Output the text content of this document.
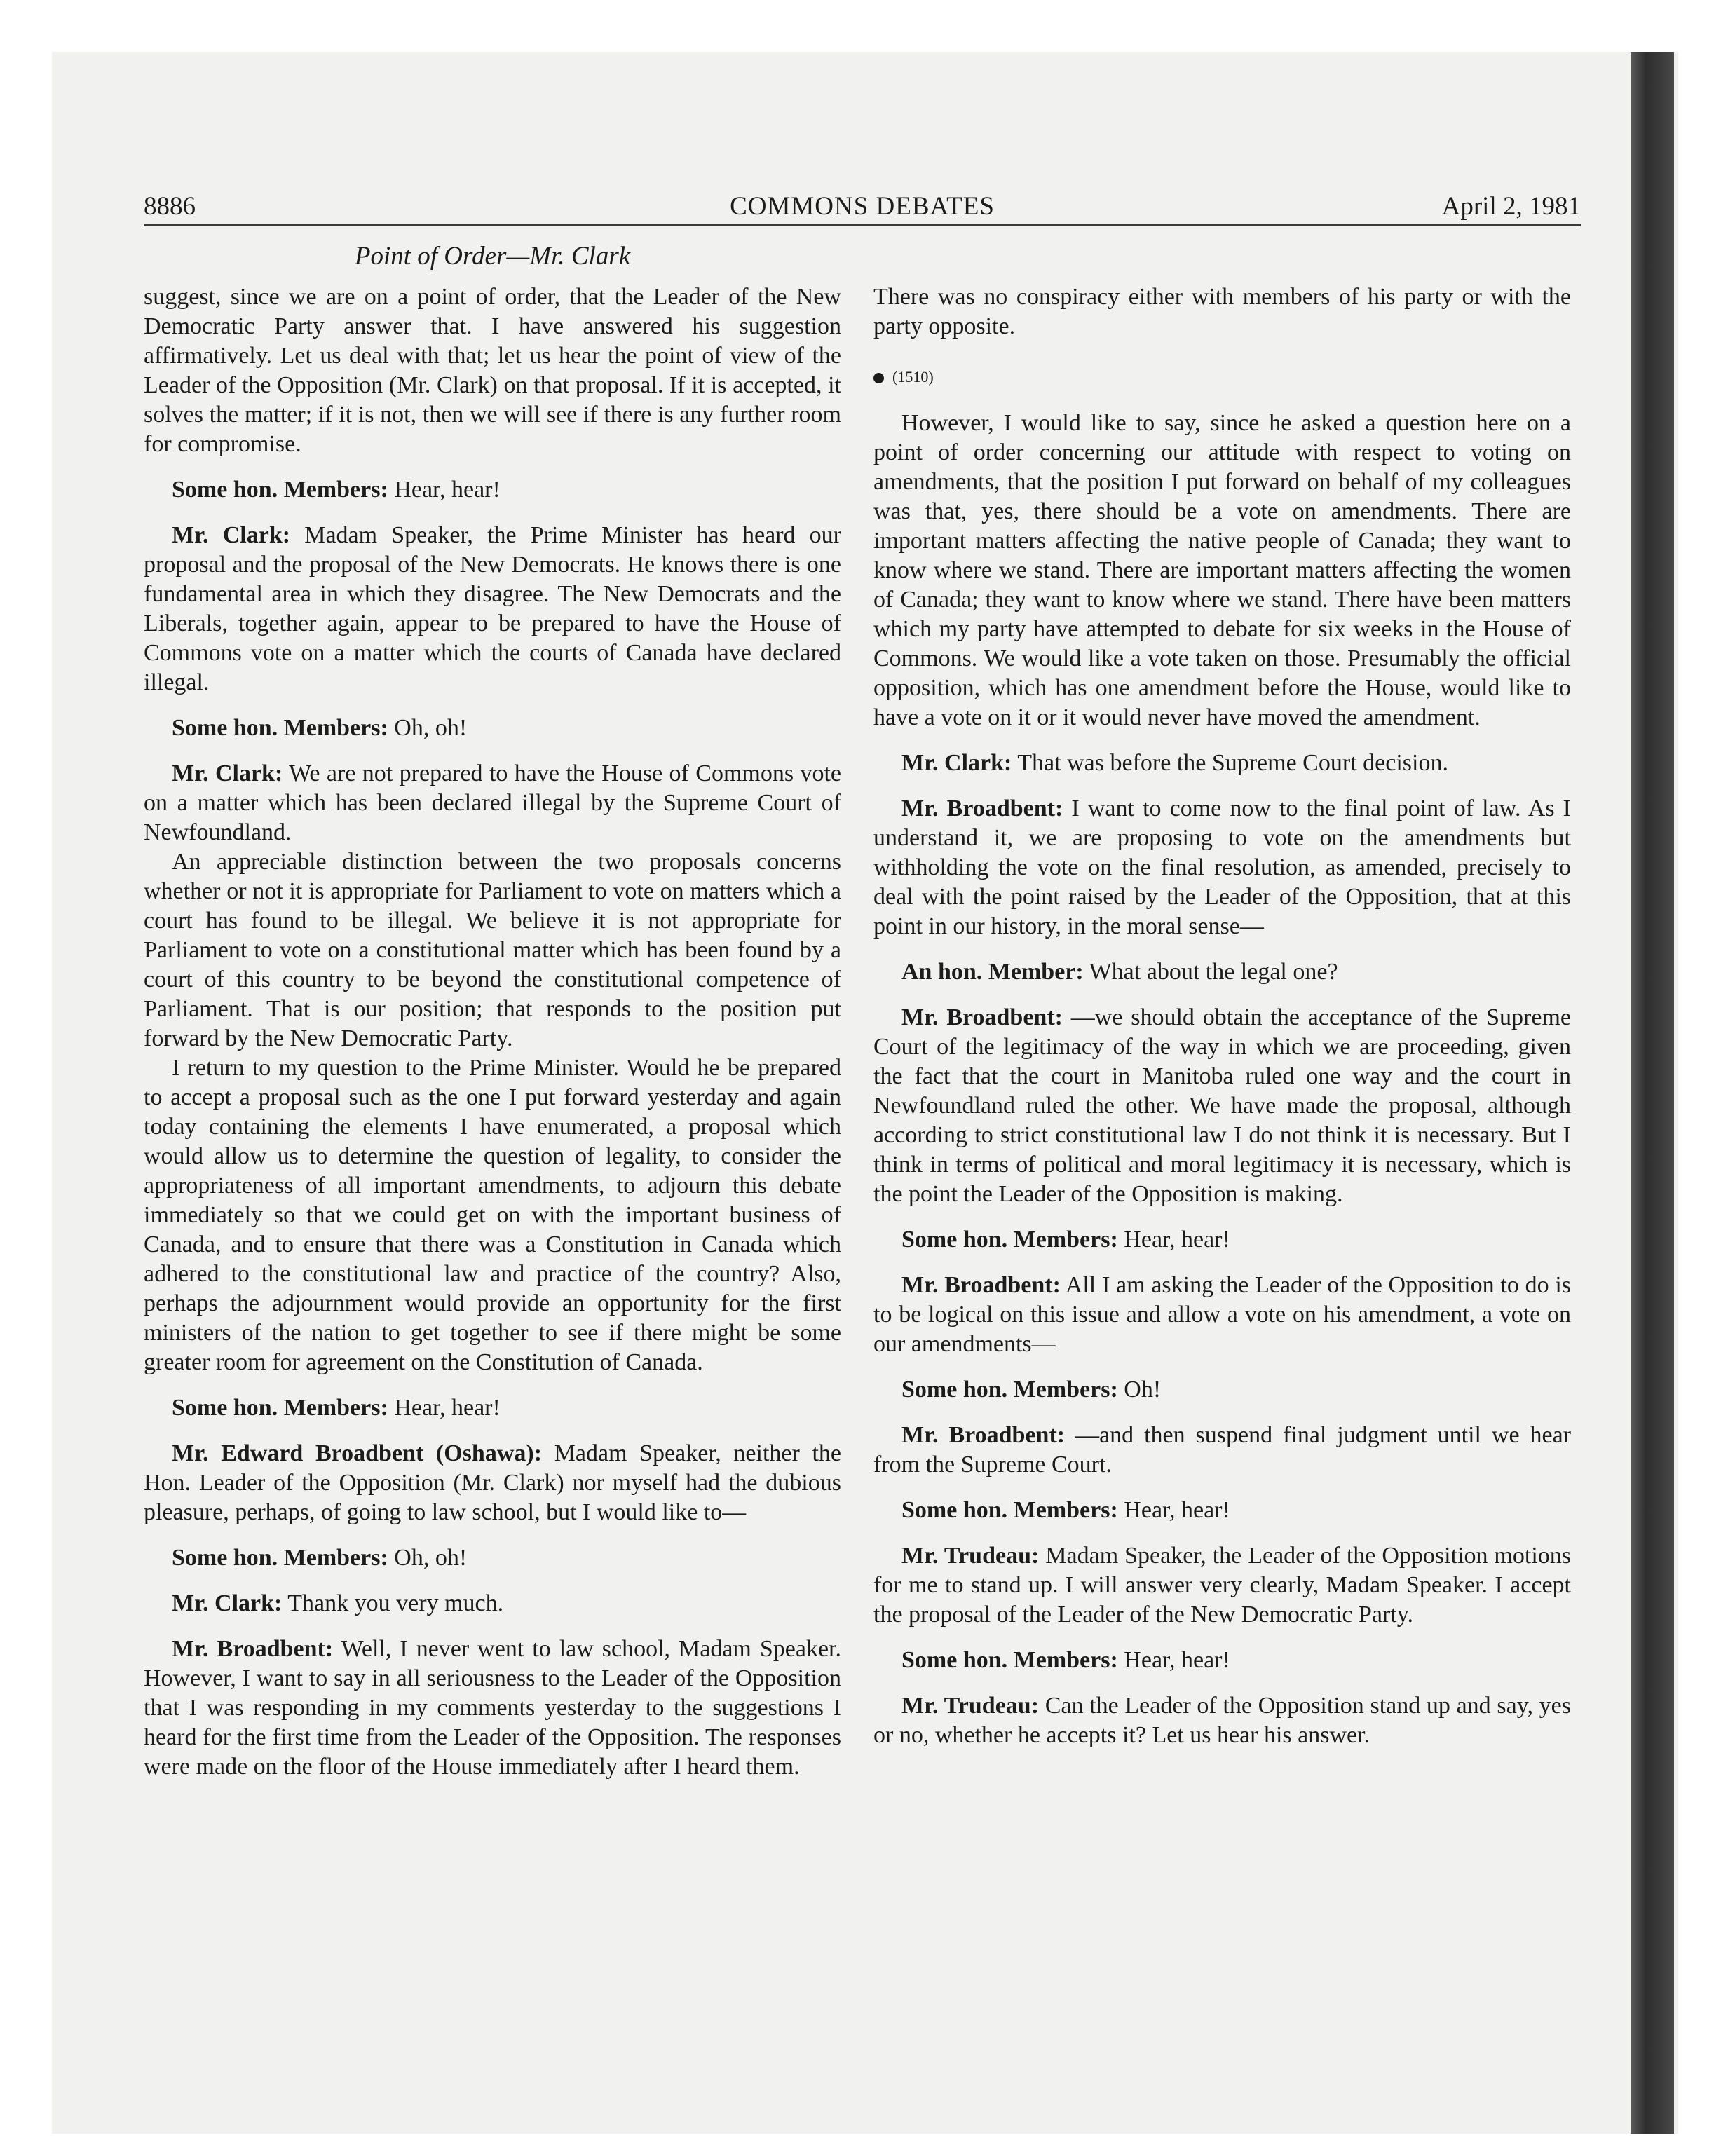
8886	COMMONS DEBATES	April 2, 1981
Point of Order—Mr. Clark

suggest, since we are on a point of order, that the Leader of the New Democratic Party answer that. I have answered his suggestion affirmatively. Let us deal with that; let us hear the point of view of the Leader of the Opposition (Mr. Clark) on that proposal. If it is accepted, it solves the matter; if it is not, then we will see if there is any further room for compromise.

Some hon. Members: Hear, hear!

Mr. Clark: Madam Speaker, the Prime Minister has heard our proposal and the proposal of the New Democrats. He knows there is one fundamental area in which they disagree. The New Democrats and the Liberals, together again, appear to be prepared to have the House of Commons vote on a matter which the courts of Canada have declared illegal.

Some hon. Members: Oh, oh!

Mr. Clark: We are not prepared to have the House of Commons vote on a matter which has been declared illegal by the Supreme Court of Newfoundland.

An appreciable distinction between the two proposals concerns whether or not it is appropriate for Parliament to vote on matters which a court has found to be illegal. We believe it is not appropriate for Parliament to vote on a constitutional matter which has been found by a court of this country to be beyond the constitutional competence of Parliament. That is our position; that responds to the position put forward by the New Democratic Party.

I return to my question to the Prime Minister. Would he be prepared to accept a proposal such as the one I put forward yesterday and again today containing the elements I have enumerated, a proposal which would allow us to determine the question of legality, to consider the appropriateness of all important amendments, to adjourn this debate immediately so that we could get on with the important business of Canada, and to ensure that there was a Constitution in Canada which adhered to the constitutional law and practice of the country? Also, perhaps the adjournment would provide an opportunity for the first ministers of the nation to get together to see if there might be some greater room for agreement on the Constitution of Canada.

Some hon. Members: Hear, hear!

Mr. Edward Broadbent (Oshawa): Madam Speaker, neither the Hon. Leader of the Opposition (Mr. Clark) nor myself had the dubious pleasure, perhaps, of going to law school, but I would like to—

Some hon. Members: Oh, oh!

Mr. Clark: Thank you very much.

Mr. Broadbent: Well, I never went to law school, Madam Speaker. However, I want to say in all seriousness to the Leader of the Opposition that I was responding in my comments yesterday to the suggestions I heard for the first time from the Leader of the Opposition. The responses were made on the floor of the House immediately after I heard them.

There was no conspiracy either with members of his party or with the party opposite.

(1510)

However, I would like to say, since he asked a question here on a point of order concerning our attitude with respect to voting on amendments, that the position I put forward on behalf of my colleagues was that, yes, there should be a vote on amendments. There are important matters affecting the native people of Canada; they want to know where we stand. There are important matters affecting the women of Canada; they want to know where we stand. There have been matters which my party have attempted to debate for six weeks in the House of Commons. We would like a vote taken on those. Presumably the official opposition, which has one amendment before the House, would like to have a vote on it or it would never have moved the amendment.

Mr. Clark: That was before the Supreme Court decision.

Mr. Broadbent: I want to come now to the final point of law. As I understand it, we are proposing to vote on the amendments but withholding the vote on the final resolution, as amended, precisely to deal with the point raised by the Leader of the Opposition, that at this point in our history, in the moral sense—

An hon. Member: What about the legal one?

Mr. Broadbent: —we should obtain the acceptance of the Supreme Court of the legitimacy of the way in which we are proceeding, given the fact that the court in Manitoba ruled one way and the court in Newfoundland ruled the other. We have made the proposal, although according to strict constitutional law I do not think it is necessary. But I think in terms of political and moral legitimacy it is necessary, which is the point the Leader of the Opposition is making.

Some hon. Members: Hear, hear!

Mr. Broadbent: All I am asking the Leader of the Opposition to do is to be logical on this issue and allow a vote on his amendment, a vote on our amendments—

Some hon. Members: Oh!

Mr. Broadbent: —and then suspend final judgment until we hear from the Supreme Court.

Some hon. Members: Hear, hear!

Mr. Trudeau: Madam Speaker, the Leader of the Opposition motions for me to stand up. I will answer very clearly, Madam Speaker. I accept the proposal of the Leader of the New Democratic Party.

Some hon. Members: Hear, hear!

Mr. Trudeau: Can the Leader of the Opposition stand up and say, yes or no, whether he accepts it? Let us hear his answer.
